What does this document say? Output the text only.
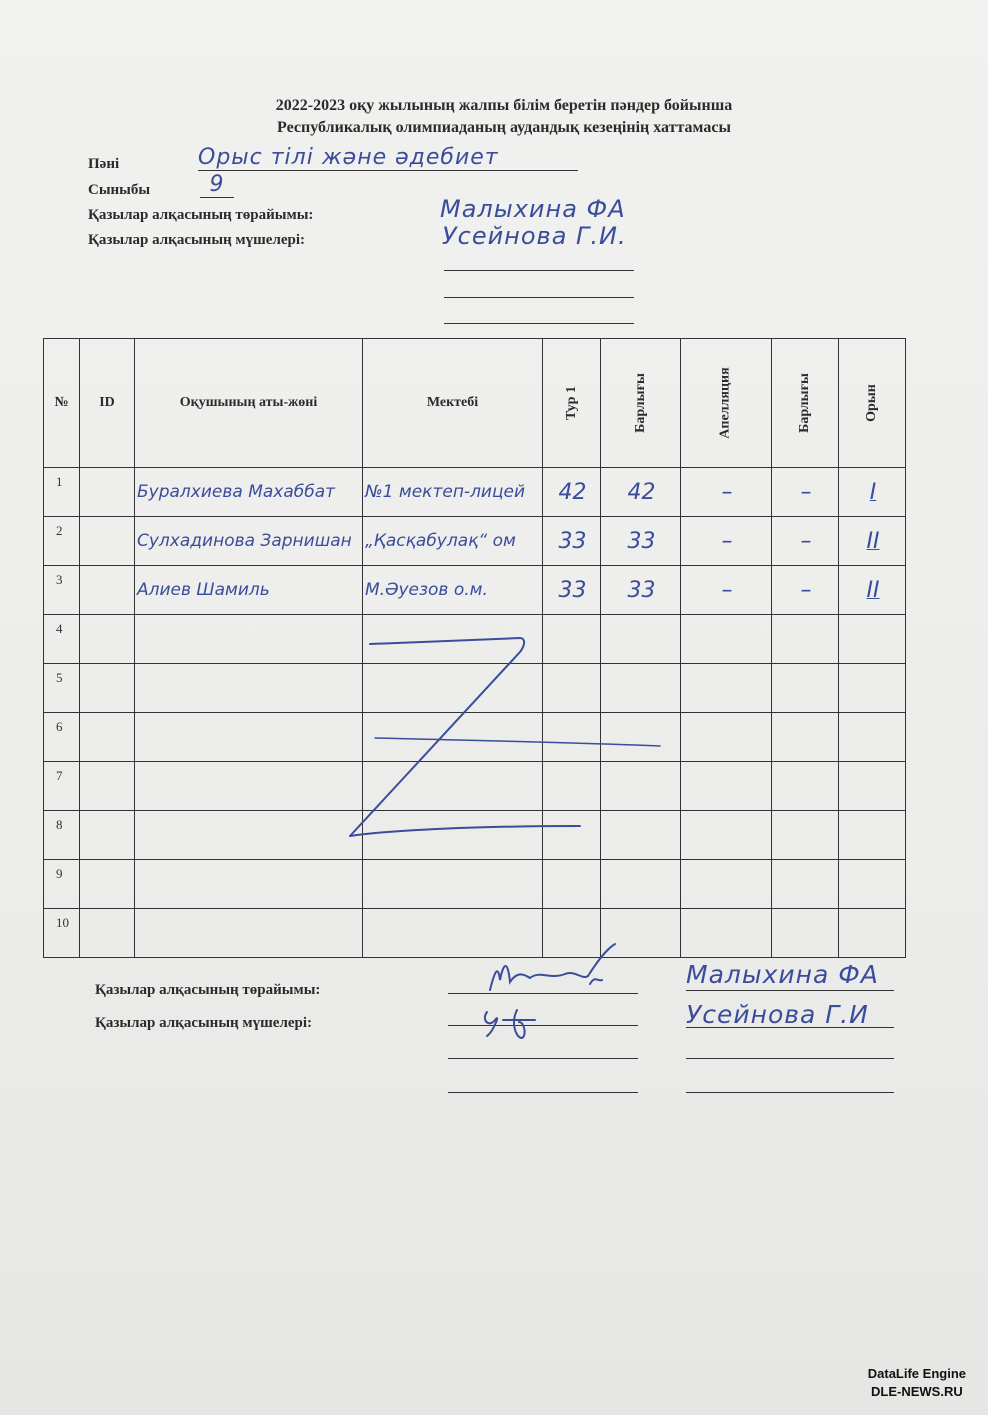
2022-2023 оқу жылының жалпы білім беретін пәндер бойынша
Республикалық олимпиаданың аудандық кезеңінің хаттамасы
Пәні	Орыс тілі және әдебиет
Сыныбы	9
Қазылар алқасының төрайымы:	Малыхина ФА
Қазылар алқасының мүшелері:	Усейнова Г.И.
№	ID	Оқушының аты-жөні	Мектебі	Тур 1	Барлығы	Апелляция	Барлығы	Орын
1		Буралхиева Махаббат	№1 мектеп-лицей	42	42	–	–	I
2		Сулхадинова Зарнишан	„Қасқабулақ“ ом	33	33	–	–	II
3		Алиев Шамиль	М.Әуезов о.м.	33	33	–	–	II
4								
5								
6								
7								
8								
9								
10								
Қазылар алқасының төрайымы:
Қазылар алқасының мүшелері:
Малыхина ФА
Усейнова Г.И
DataLife Engine
DLE-NEWS.RU
